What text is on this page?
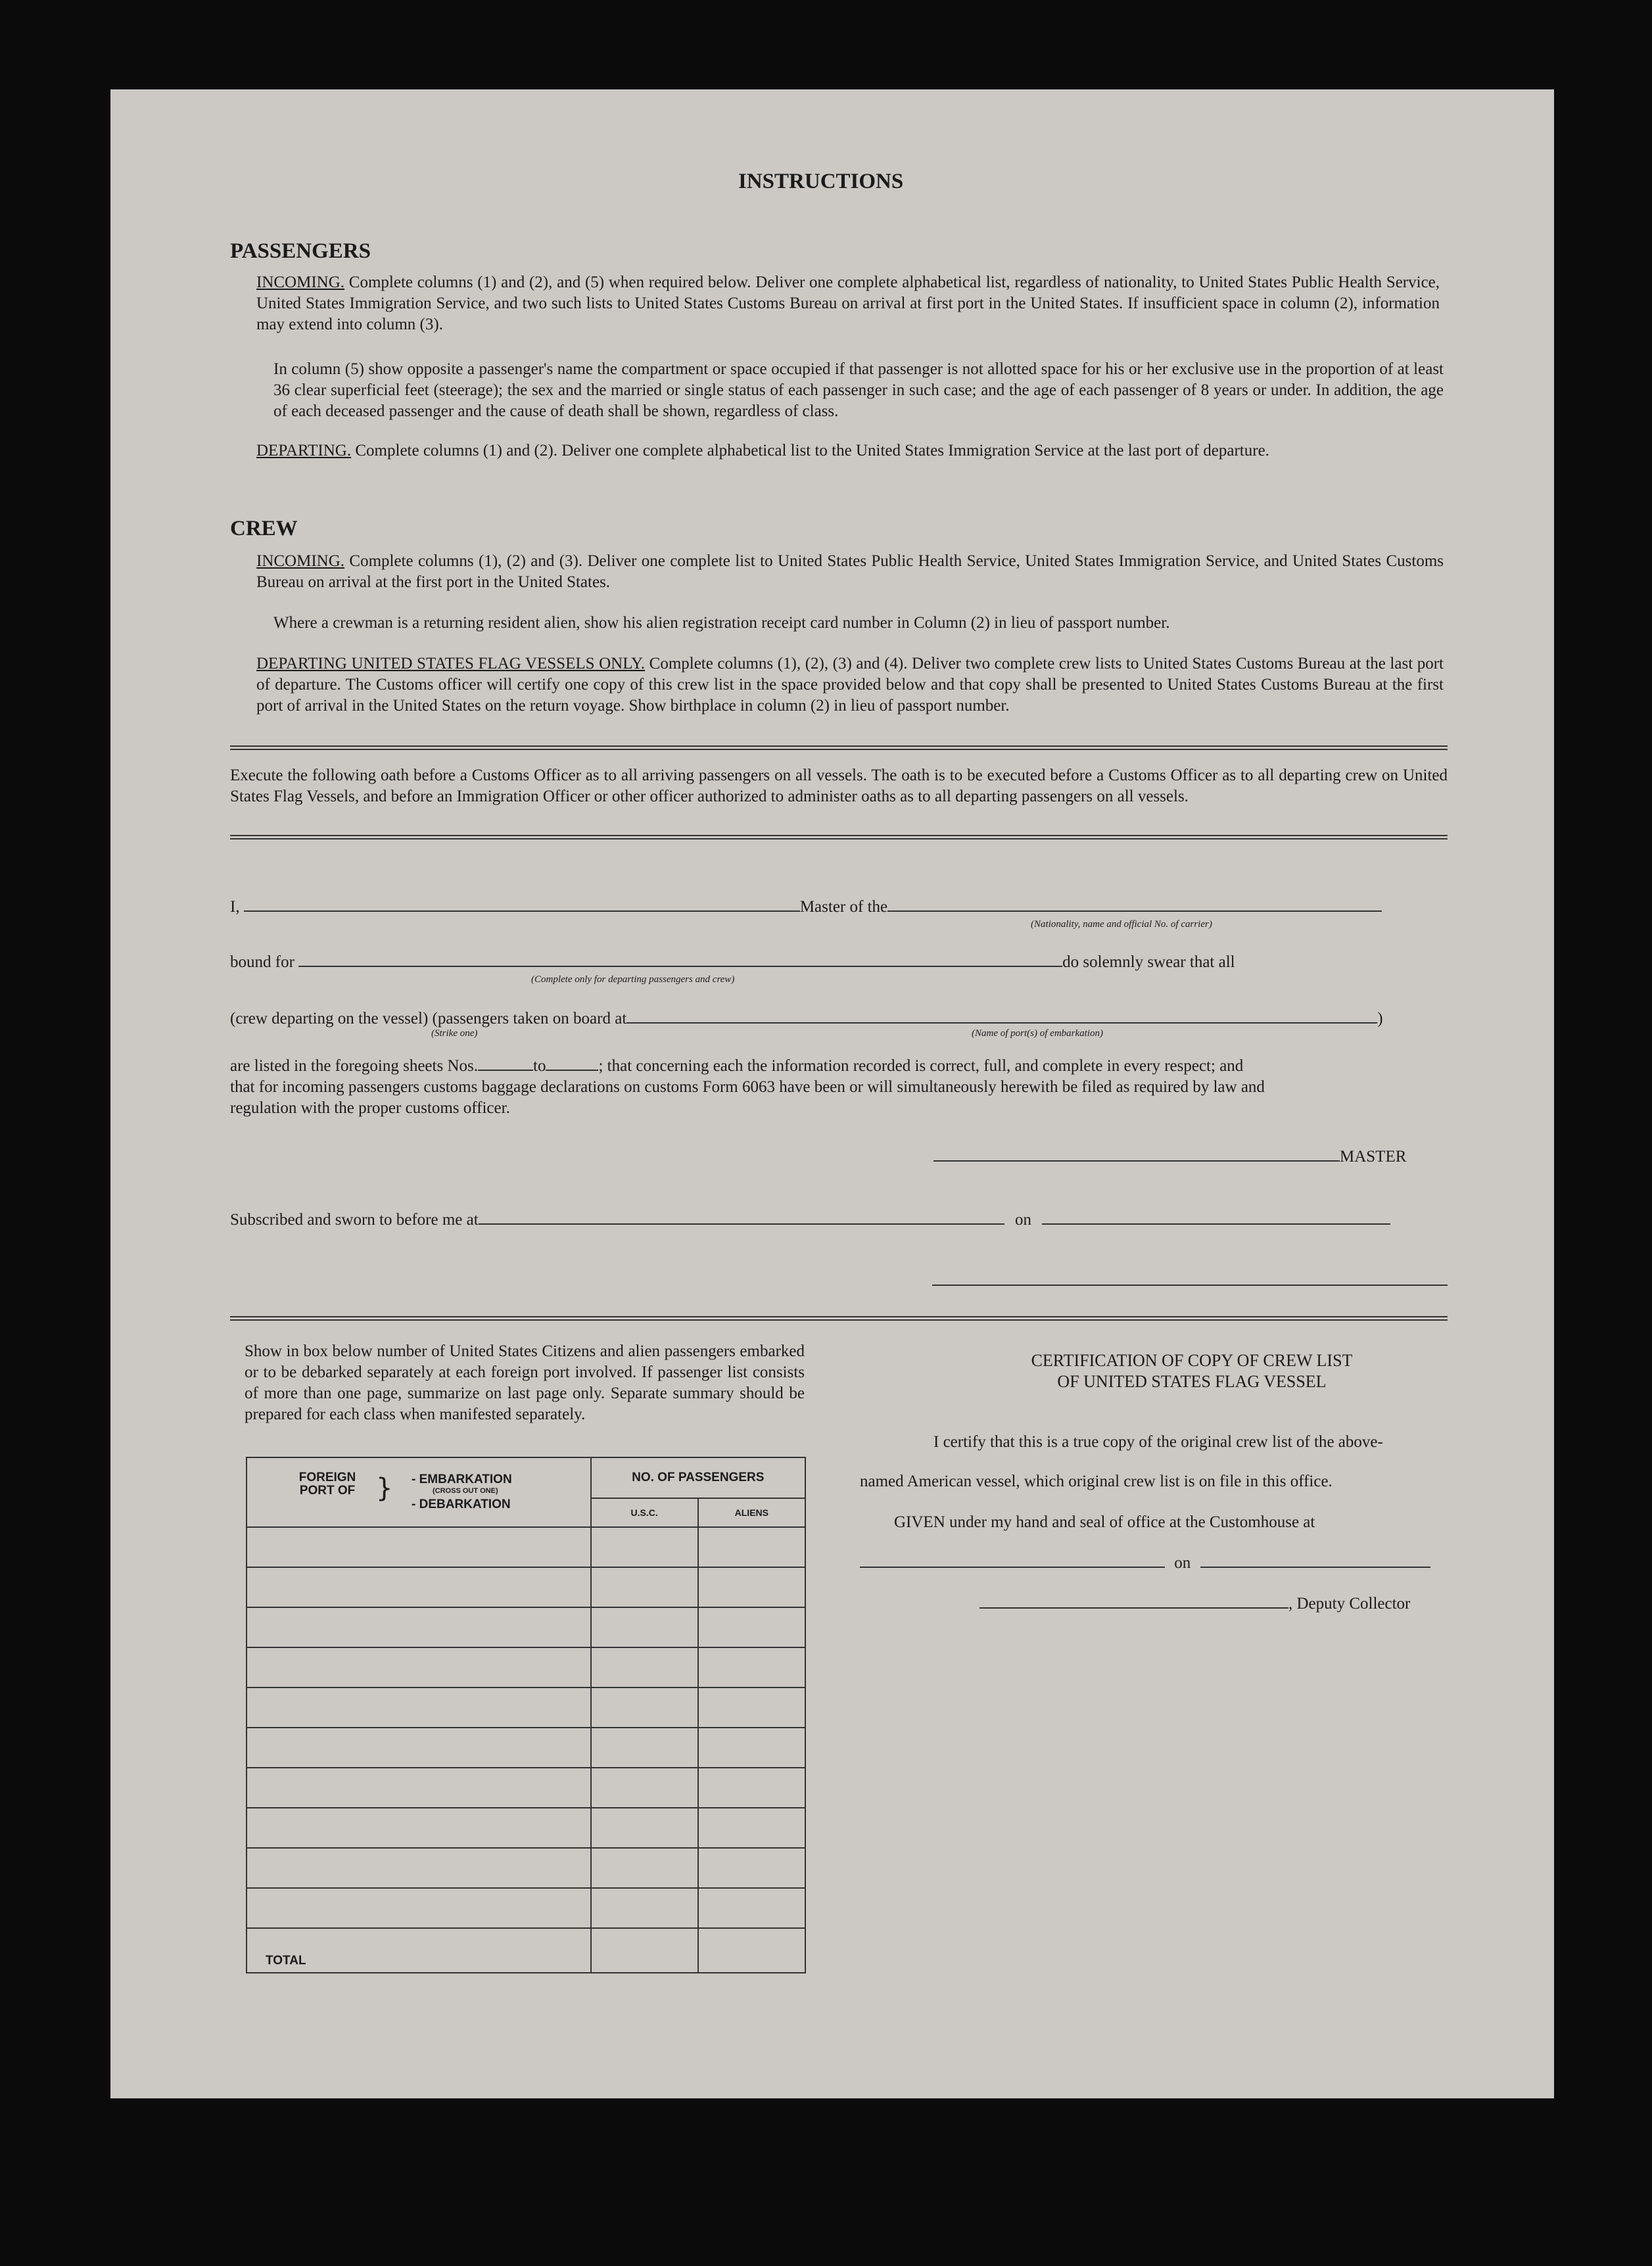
INSTRUCTIONS
PASSENGERS
INCOMING. Complete columns (1) and (2), and (5) when required below. Deliver one complete alphabetical list, regardless of nationality, to United States Public Health Service, United States Immigration Service, and two such lists to United States Customs Bureau on arrival at first port in the United States. If insufficient space in column (2), information may extend into column (3).
In column (5) show opposite a passenger's name the compartment or space occupied if that passenger is not allotted space for his or her exclusive use in the proportion of at least 36 clear superficial feet (steerage); the sex and the married or single status of each passenger in such case; and the age of each passenger of 8 years or under. In addition, the age of each deceased passenger and the cause of death shall be shown, regardless of class.
DEPARTING. Complete columns (1) and (2). Deliver one complete alphabetical list to the United States Immigration Service at the last port of departure.
CREW
INCOMING. Complete columns (1), (2) and (3). Deliver one complete list to United States Public Health Service, United States Immigration Service, and United States Customs Bureau on arrival at the first port in the United States.
Where a crewman is a returning resident alien, show his alien registration receipt card number in Column (2) in lieu of passport number.
DEPARTING UNITED STATES FLAG VESSELS ONLY. Complete columns (1), (2), (3) and (4). Deliver two complete crew lists to United States Customs Bureau at the last port of departure. The Customs officer will certify one copy of this crew list in the space provided below and that copy shall be presented to United States Customs Bureau at the first port of arrival in the United States on the return voyage. Show birthplace in column (2) in lieu of passport number.
Execute the following oath before a Customs Officer as to all arriving passengers on all vessels. The oath is to be executed before a Customs Officer as to all departing crew on United States Flag Vessels, and before an Immigration Officer or other officer authorized to administer oaths as to all departing passengers on all vessels.
I,	Master of the
(Nationality, name and official No. of carrier)
bound for	do solemnly swear that all
(Complete only for departing passengers and crew)
(crew departing on the vessel) (passengers taken on board at	)
(Strike one)	(Name of port(s) of embarkation)
are listed in the foregoing sheets Nos.	to	; that concerning each the information recorded is correct, full, and complete in every respect; and
that for incoming passengers customs baggage declarations on customs Form 6063 have been or will simultaneously herewith be filed as required by law and
regulation with the proper customs officer.
MASTER
Subscribed and sworn to before me at	on
Show in box below number of United States Citizens and alien passengers embarked or to be debarked separately at each foreign port involved. If passenger list consists of more than one page, summarize on last page only. Separate summary should be prepared for each class when manifested separately.
FOREIGN PORT OF } - EMBARKATION
(CROSS OUT ONE)
- DEBARKATION	NO. OF PASSENGERS	
	U.S.C.	ALIENS

TOTAL		
CERTIFICATION OF COPY OF CREW LIST
OF UNITED STATES FLAG VESSEL
I certify that this is a true copy of the original crew list of the above-
named American vessel, which original crew list is on file in this office.
GIVEN under my hand and seal of office at the Customhouse at
on
, Deputy Collector
